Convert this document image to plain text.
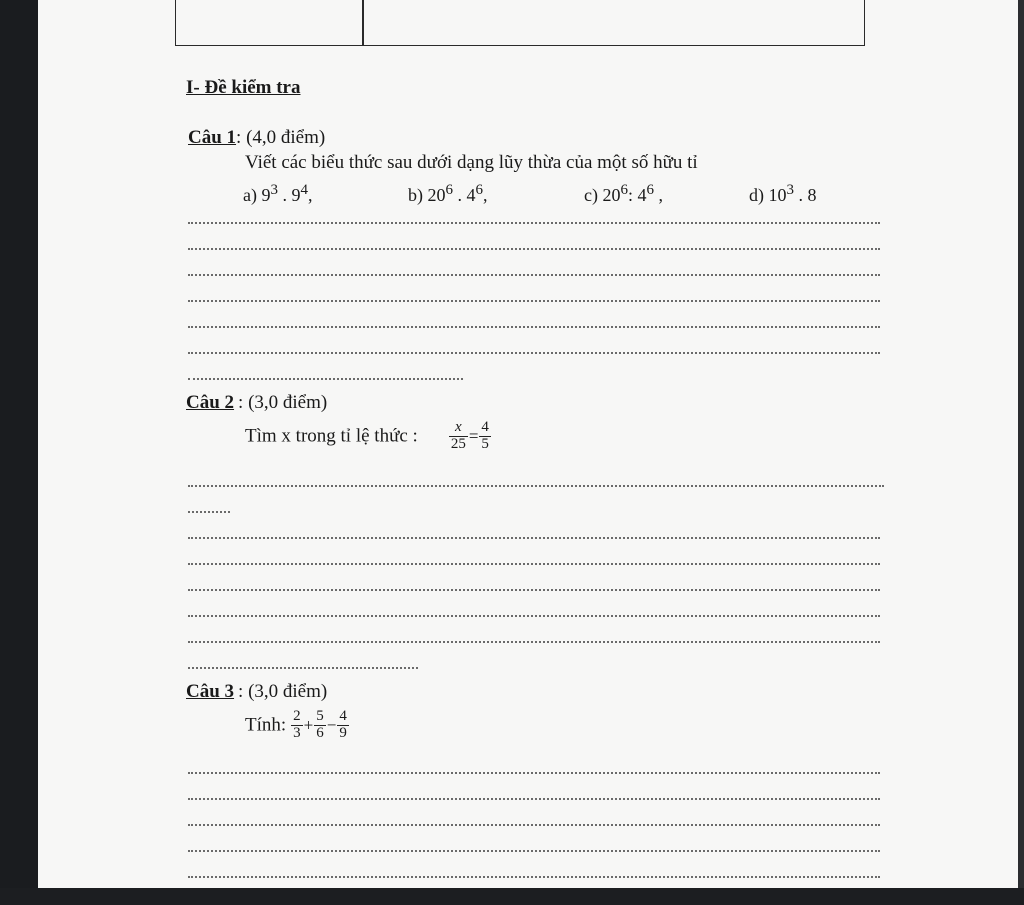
I- Đề kiểm tra
Câu 1: (4,0 điểm)
Viết các biểu thức sau dưới dạng lũy thừa của một số hữu tỉ
a) $9^3$ . $9^4$,	b) $20^6$ . $4^6$,	c) $20^6$: $4^6$ ,	d) $10^3$ . 8
Câu 2 : (3,0 điểm)
Tìm x trong tỉ lệ thức : $\frac{x}{25} = \frac{4}{5}$
Câu 3 : (3,0 điểm)
Tính: $\frac{2}{3} + \frac{5}{6} - \frac{4}{9}$
